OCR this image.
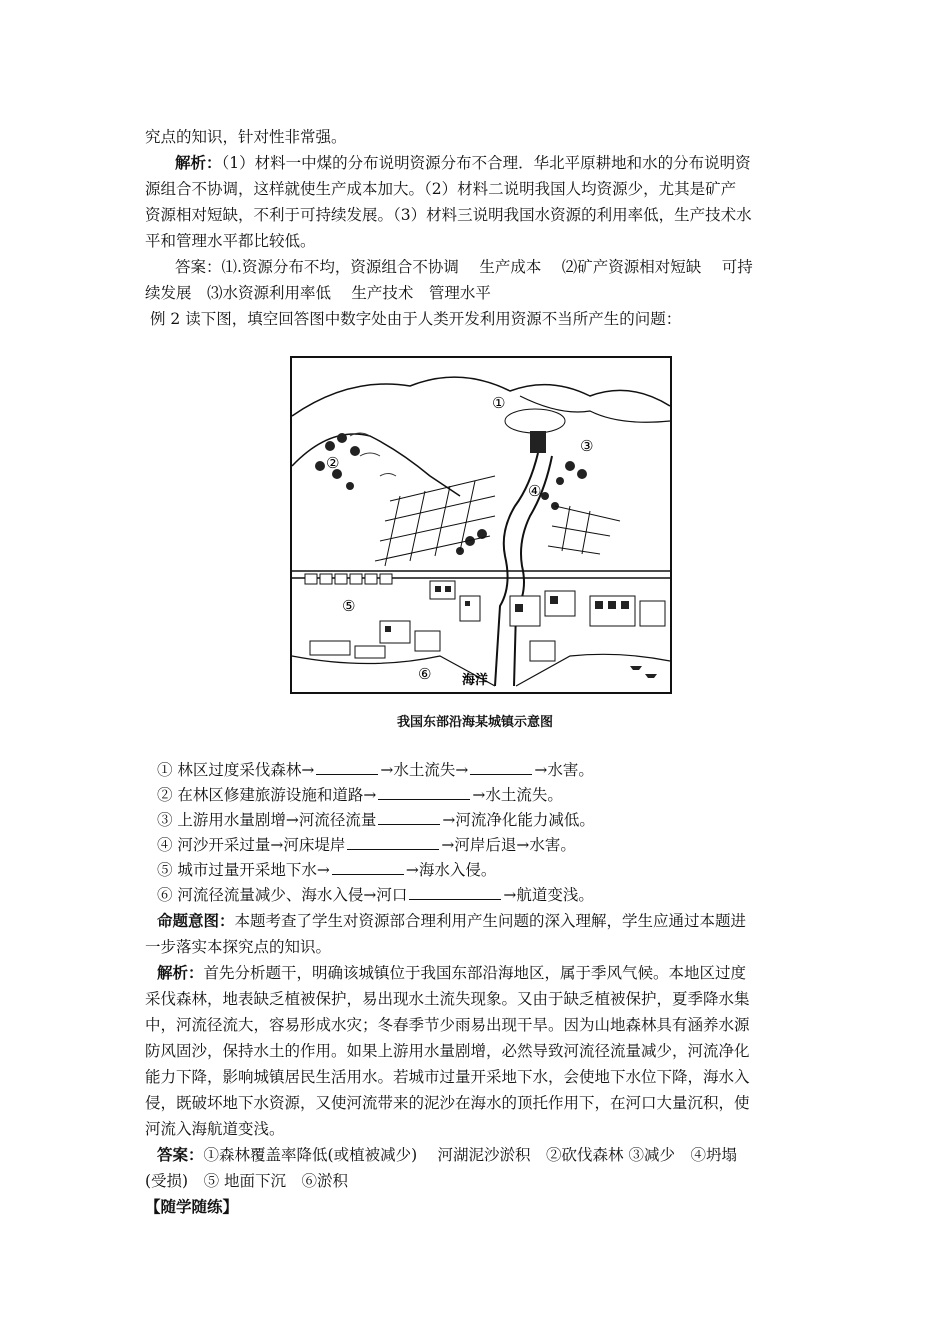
究点的知识，针对性非常强。
解析：（1）材料一中煤的分布说明资源分布不合理．华北平原耕地和水的分布说明资
源组合不协调，这样就使生产成本加大。（2）材料二说明我国人均资源少，尤其是矿产
资源相对短缺，不利于可持续发展。（3）材料三说明我国水资源的利用率低，生产技术水
平和管理水平都比较低。
答案：⑴.资源分布不均，资源组合不协调　 生产成本　 ⑵矿产资源相对短缺　 可持
续发展　⑶水资源利用率低　 生产技术　管理水平
例 2 读下图，填空回答图中数字处由于人类开发利用资源不当所产生的问题：
①
②
③
④
⑤
⑥ 海洋
我国东部沿海某城镇示意图
① 林区过度采伐森林→	→水土流失→	→水害。
② 在林区修建旅游设施和道路→	→水土流失。
③ 上游用水量剧增→河流径流量	→河流净化能力减低。
④ 河沙开采过量→河床堤岸	→河岸后退→水害。
⑤ 城市过量开采地下水→	→海水入侵。
⑥ 河流径流量减少、海水入侵→河口	→航道变浅。
命题意图：本题考查了学生对资源部合理利用产生问题的深入理解，学生应通过本题进
一步落实本探究点的知识。
解析：首先分析题干，明确该城镇位于我国东部沿海地区，属于季风气候。本地区过度
采伐森林，地表缺乏植被保护，易出现水土流失现象。又由于缺乏植被保护，夏季降水集
中，河流径流大，容易形成水灾；冬春季节少雨易出现干旱。因为山地森林具有涵养水源
防风固沙，保持水土的作用。如果上游用水量剧增，必然导致河流径流量减少，河流净化
能力下降，影响城镇居民生活用水。若城市过量开采地下水，会使地下水位下降，海水入
侵，既破坏地下水资源，又使河流带来的泥沙在海水的顶托作用下，在河口大量沉积，使
河流入海航道变浅。
答案：①森林覆盖率降低(或植被减少)　 河湖泥沙淤积　②砍伐森林 ③减少　④坍塌
(受损)　⑤ 地面下沉　⑥淤积
【随学随练】
